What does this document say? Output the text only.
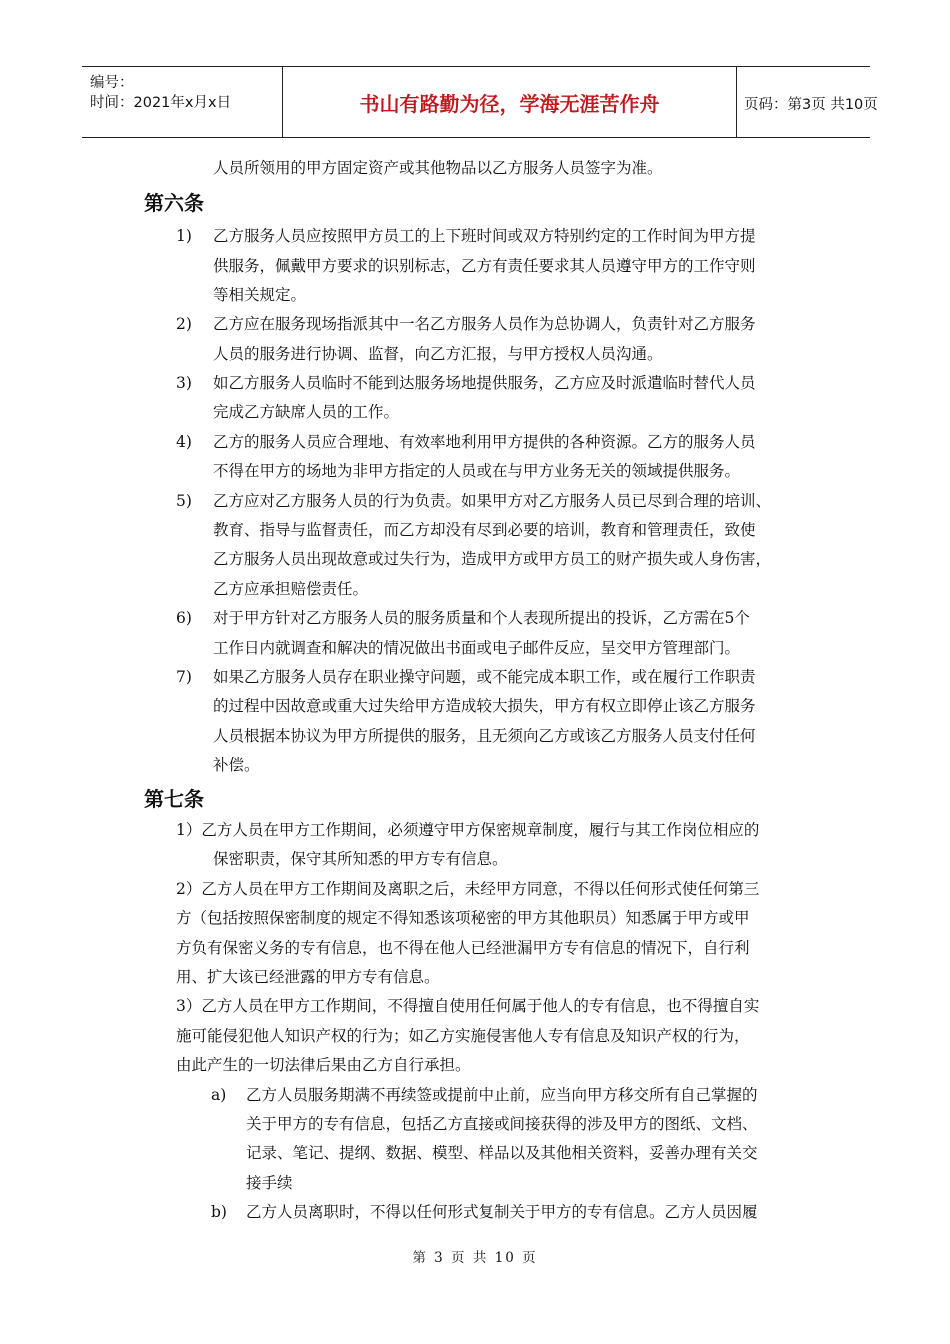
编号：
时间：2021年x月x日	书山有路勤为径，学海无涯苦作舟	页码：第3页 共10页
人员所领用的甲方固定资产或其他物品以乙方服务人员签字为准。
第六条
1) 乙方服务人员应按照甲方员工的上下班时间或双方特别约定的工作时间为甲方提
供服务，佩戴甲方要求的识别标志，乙方有责任要求其人员遵守甲方的工作守则
等相关规定。
2) 乙方应在服务现场指派其中一名乙方服务人员作为总协调人，负责针对乙方服务
人员的服务进行协调、监督，向乙方汇报，与甲方授权人员沟通。
3) 如乙方服务人员临时不能到达服务场地提供服务，乙方应及时派遣临时替代人员
完成乙方缺席人员的工作。
4) 乙方的服务人员应合理地、有效率地利用甲方提供的各种资源。乙方的服务人员
不得在甲方的场地为非甲方指定的人员或在与甲方业务无关的领域提供服务。
5) 乙方应对乙方服务人员的行为负责。如果甲方对乙方服务人员已尽到合理的培训、
教育、指导与监督责任，而乙方却没有尽到必要的培训，教育和管理责任，致使
乙方服务人员出现故意或过失行为，造成甲方或甲方员工的财产损失或人身伤害，
乙方应承担赔偿责任。
6) 对于甲方针对乙方服务人员的服务质量和个人表现所提出的投诉，乙方需在5个
工作日内就调查和解决的情况做出书面或电子邮件反应，呈交甲方管理部门。
7) 如果乙方服务人员存在职业操守问题，或不能完成本职工作，或在履行工作职责
的过程中因故意或重大过失给甲方造成较大损失，甲方有权立即停止该乙方服务
人员根据本协议为甲方所提供的服务，且无须向乙方或该乙方服务人员支付任何
补偿。
第七条
1）乙方人员在甲方工作期间，必须遵守甲方保密规章制度，履行与其工作岗位相应的
保密职责，保守其所知悉的甲方专有信息。
2）乙方人员在甲方工作期间及离职之后，未经甲方同意，不得以任何形式使任何第三
方（包括按照保密制度的规定不得知悉该项秘密的甲方其他职员）知悉属于甲方或甲
方负有保密义务的专有信息，也不得在他人已经泄漏甲方专有信息的情况下，自行利
用、扩大该已经泄露的甲方专有信息。
3）乙方人员在甲方工作期间，不得擅自使用任何属于他人的专有信息，也不得擅自实
施可能侵犯他人知识产权的行为；如乙方实施侵害他人专有信息及知识产权的行为，
由此产生的一切法律后果由乙方自行承担。
a) 乙方人员服务期满不再续签或提前中止前，应当向甲方移交所有自己掌握的
关于甲方的专有信息，包括乙方直接或间接获得的涉及甲方的图纸、文档、
记录、笔记、提纲、数据、模型、样品以及其他相关资料，妥善办理有关交
接手续
b) 乙方人员离职时，不得以任何形式复制关于甲方的专有信息。乙方人员因履
第 3 页 共 10 页
